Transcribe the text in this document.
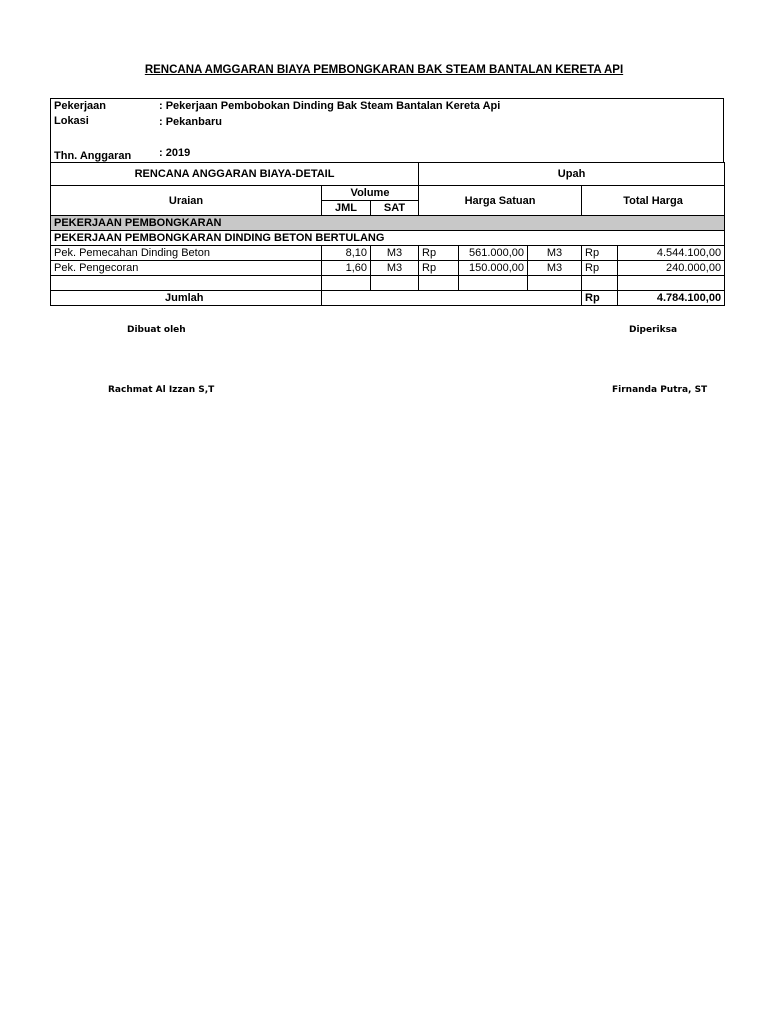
RENCANA AMGGARAN BIAYA PEMBONGKARAN BAK STEAM BANTALAN KERETA API
Pekerjaan	: Pekerjaan Pembobokan Dinding Bak Steam Bantalan Kereta Api
Lokasi	: Pekanbaru
Thn. Anggaran	: 2019
RENCANA ANGGARAN BIAYA-DETAIL			Upah				
Uraian	Volume		Harga Satuan			Total Harga	
	JML	SAT					
PEKERJAAN PEMBONGKARAN							
PEKERJAAN PEMBONGKARAN DINDING BETON BERTULANG							
Pek. Pemecahan Dinding Beton	8,10	M3	Rp	561.000,00	M3	Rp	4.544.100,00
Pek. Pengecoran	1,60	M3	Rp	150.000,00	M3	Rp	240.000,00

Jumlah						Rp	4.784.100,00
Dibuat oleh	Diperiksa
Rachmat Al Izzan S,T	Firnanda Putra, ST
